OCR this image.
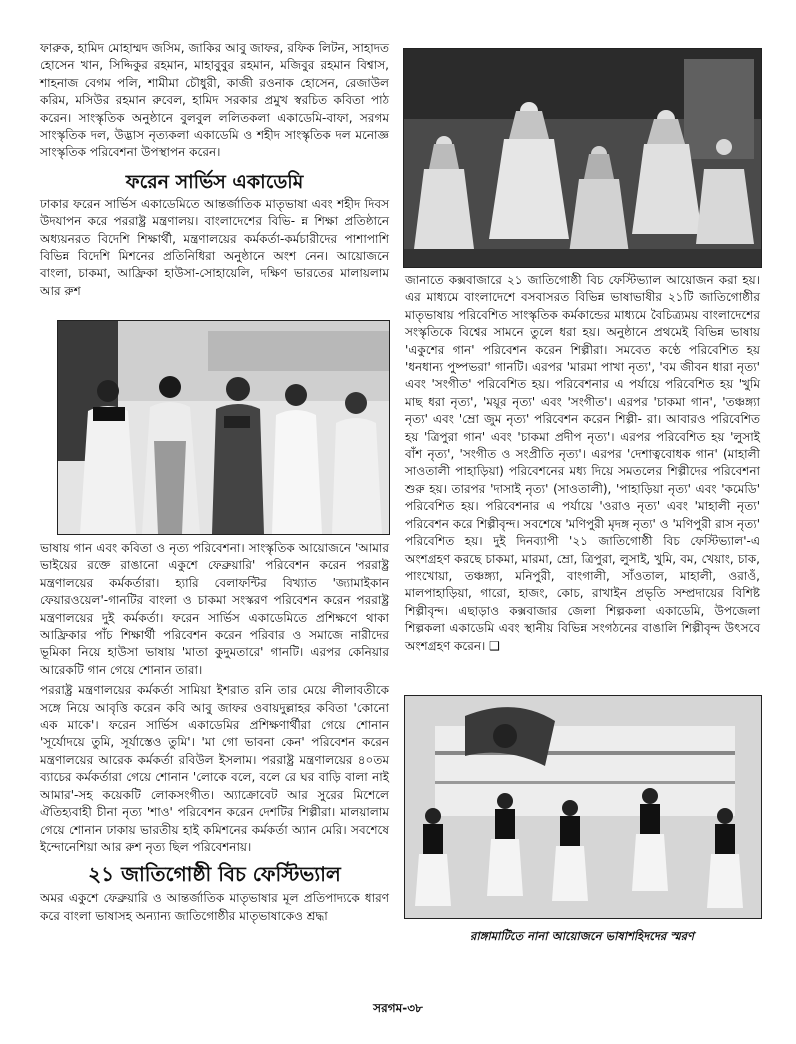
ফারুক, হামিদ মোহাম্মদ জসিম, জাকির আবু জাফর, রফিক লিটন, সাহাদত হোসেন খান, সিদ্দিকুর রহমান, মাহাবুবুর রহমান, মজিবুর রহমান বিশ্বাস, শাহনাজ বেগম পলি, শামীমা চৌধুরী, কাজী রওনাক হোসেন, রেজাউল করিম, মসিউর রহমান রুবেল, হামিদ সরকার প্রমুখ স্বরচিত কবিতা পাঠ করেন। সাংস্কৃতিক অনুষ্ঠানে বুলবুল ললিতকলা একাডেমি-বাফা, সরগম সাংস্কৃতিক দল, উদ্ভাস নৃত্যকলা একাডেমি ও শহীদ সাংস্কৃতিক দল মনোজ্ঞ সাংস্কৃতিক পরিবেশনা উপস্থাপন করেন।

ফরেন সার্ভিস একাডেমি

ঢাকার ফরেন সার্ভিস একাডেমিতে আন্তর্জাতিক মাতৃভাষা এবং শহীদ দিবস উদযাপন করে পররাষ্ট্র মন্ত্রণালয়। বাংলাদেশের বিভি- ন্ন শিক্ষা প্রতিষ্ঠানে অধ্যয়নরত বিদেশি শিক্ষার্থী, মন্ত্রণালয়ের কর্মকর্তা-কর্মচারীদের পাশাপাশি বিভিন্ন বিদেশি মিশনের প্রতিনিধিরা অনুষ্ঠানে অংশ নেন। আয়োজনে বাংলা, চাকমা, আফ্রিকা হাউসা-সোহায়েলি, দক্ষিণ ভারতের মালায়লাম আর রুশ

ভাষায় গান এবং কবিতা ও নৃত্য পরিবেশনা। সাংস্কৃতিক আয়োজনে 'আমার ভাইয়ের রক্তে রাঙানো একুশে ফেব্রুয়ারি' পরিবেশন করেন পররাষ্ট্র মন্ত্রণালয়ের কর্মকর্তারা। হ্যারি বেলাফন্টির বিখ্যাত 'জ্যামাইকান ফেয়ারওয়েল'-গানটির বাংলা ও চাকমা সংস্করণ পরিবেশন করেন পররাষ্ট্র মন্ত্রণালয়ের দুই কর্মকর্তা। ফরেন সার্ভিস একাডেমিতে প্রশিক্ষণে থাকা আফ্রিকার পাঁচ শিক্ষার্থী পরিবেশন করেন পরিবার ও সমাজে নারীদের ভূমিকা নিয়ে হাউসা ভাষায় 'মাতা কুদুমতারে' গানটি। এরপর কেনিয়ার আরেকটি গান গেয়ে শোনান তারা।

পররাষ্ট্র মন্ত্রণালয়ের কর্মকর্তা সামিয়া ইশরাত রনি তার মেয়ে লীলাবতীকে সঙ্গে নিয়ে আবৃত্তি করেন কবি আবু জাফর ওবায়দুল্লাহর কবিতা 'কোনো এক মাকে'। ফরেন সার্ভিস একাডেমির প্রশিক্ষণার্থীরা গেয়ে শোনান 'সূর্যোদয়ে তুমি, সূর্যাস্তেও তুমি'। 'মা গো ভাবনা কেন' পরিবেশন করেন মন্ত্রণালয়ের আরেক কর্মকর্তা রবিউল ইসলাম। পররাষ্ট্র মন্ত্রণালয়ের ৪০তম ব্যাচের কর্মকর্তারা গেয়ে শোনান 'লোকে বলে, বলে রে ঘর বাড়ি বালা নাই আমার'-সহ কয়েকটি লোকসংগীত। অ্যাক্রোবেট আর সুরের মিশেলে ঐতিহ্যবাহী চীনা নৃত্য 'শাও' পরিবেশন করেন দেশটির শিল্পীরা। মালয়ালাম গেয়ে শোনান ঢাকায় ভারতীয় হাই কমিশনের কর্মকর্তা অ্যান মেরি। সবশেষে ইন্দোনেশিয়া আর রুশ নৃত্য ছিল পরিবেশনায়।

২১ জাতিগোষ্ঠী বিচ ফেস্টিভ্যাল

অমর একুশে ফেব্রুয়ারি ও আন্তর্জাতিক মাতৃভাষার মূল প্রতিপাদ্যকে ধারণ করে বাংলা ভাষাসহ অন্যান্য জাতিগোষ্ঠীর মাতৃভাষাকেও শ্রদ্ধা

জানাতে কক্সবাজারে ২১ জাতিগোষ্ঠী বিচ ফেস্টিভ্যাল আয়োজন করা হয়। এর মাধ্যমে বাংলাদেশে বসবাসরত বিভিন্ন ভাষাভাষীর ২১টি জাতিগোষ্ঠীর মাতৃভাষায় পরিবেশিত সাংস্কৃতিক কর্মকান্ডের মাধ্যমে বৈচিত্র্যময় বাংলাদেশের সংস্কৃতিকে বিশ্বের সামনে তুলে ধরা হয়। অনুষ্ঠানে প্রথমেই বিভিন্ন ভাষায় 'একুশের গান' পরিবেশন করেন শিল্পীরা। সমবেত কণ্ঠে পরিবেশিত হয় 'ধনধান্য পুষ্পভরা' গানটি। এরপর 'মারমা পাখা নৃত্য', 'বম জীবন ধারা নৃত্য' এবং 'সংগীত' পরিবেশিত হয়। পরিবেশনার এ পর্যায়ে পরিবেশিত হয় 'খুমি মাছ ধরা নৃত্য', 'ময়ূর নৃত্য' এবং 'সংগীত'। এরপর 'চাকমা গান', 'তঞ্চঙ্গ্যা নৃত্য' এবং 'ম্রো জুম নৃত্য' পরিবেশন করেন শিল্পী- রা। আবারও পরিবেশিত হয় 'ত্রিপুরা গান' এবং 'চাকমা প্রদীপ নৃত্য'। এরপর পরিবেশিত হয় 'লুসাই বাঁশ নৃত্য', 'সংগীত ও সংপ্রীতি নৃত্য'। এরপর 'দেশাত্ববোধক গান' (মাহালী সাওতালী পাহাড়িয়া) পরিবেশনের মধ্য দিয়ে সমতলের শিল্পীদের পরিবেশনা শুরু হয়। তারপর 'দাসাই নৃত্য' (সাওতালী), 'পাহাড়িয়া নৃত্য' এবং 'কমেডি' পরিবেশিত হয়। পরিবেশনার এ পর্যায়ে 'ওরাও নৃত্য' এবং 'মাহালী নৃত্য' পরিবেশন করে শিল্পীবৃন্দ। সবশেষে 'মণিপুরী মৃদঙ্গ নৃত্য' ও 'মণিপুরী রাস নৃত্য' পরিবেশিত হয়। দুই দিনব্যাপী '২১ জাতিগোষ্ঠী বিচ ফেস্টিভ্যাল'-এ অংশগ্রহণ করছে চাকমা, মারমা, ম্রো, ত্রিপুরা, লুসাই, খুমি, বম, খেয়াং, চাক, পাংখোয়া, তঞ্চঙ্গ্যা, মনিপুরী, বাংগালী, সাঁওতাল, মাহালী, ওরাওঁ, মালপাহাড়িয়া, গারো, হাজং, কোচ, রাখাইন প্রভৃতি সম্প্রদায়ের বিশিষ্ট শিল্পীবৃন্দ। এছাড়াও কক্সবাজার জেলা শিল্পকলা একাডেমি, উপজেলা শিল্পকলা একাডেমি এবং স্থানীয় বিভিন্ন সংগঠনের বাঙালি শিল্পীবৃন্দ উৎসবে অংশগ্রহণ করেন। ❑

রাঙ্গামাটিতে নানা আয়োজনে ভাষাশহিদদের স্মরণ
সরগম-৩৮
